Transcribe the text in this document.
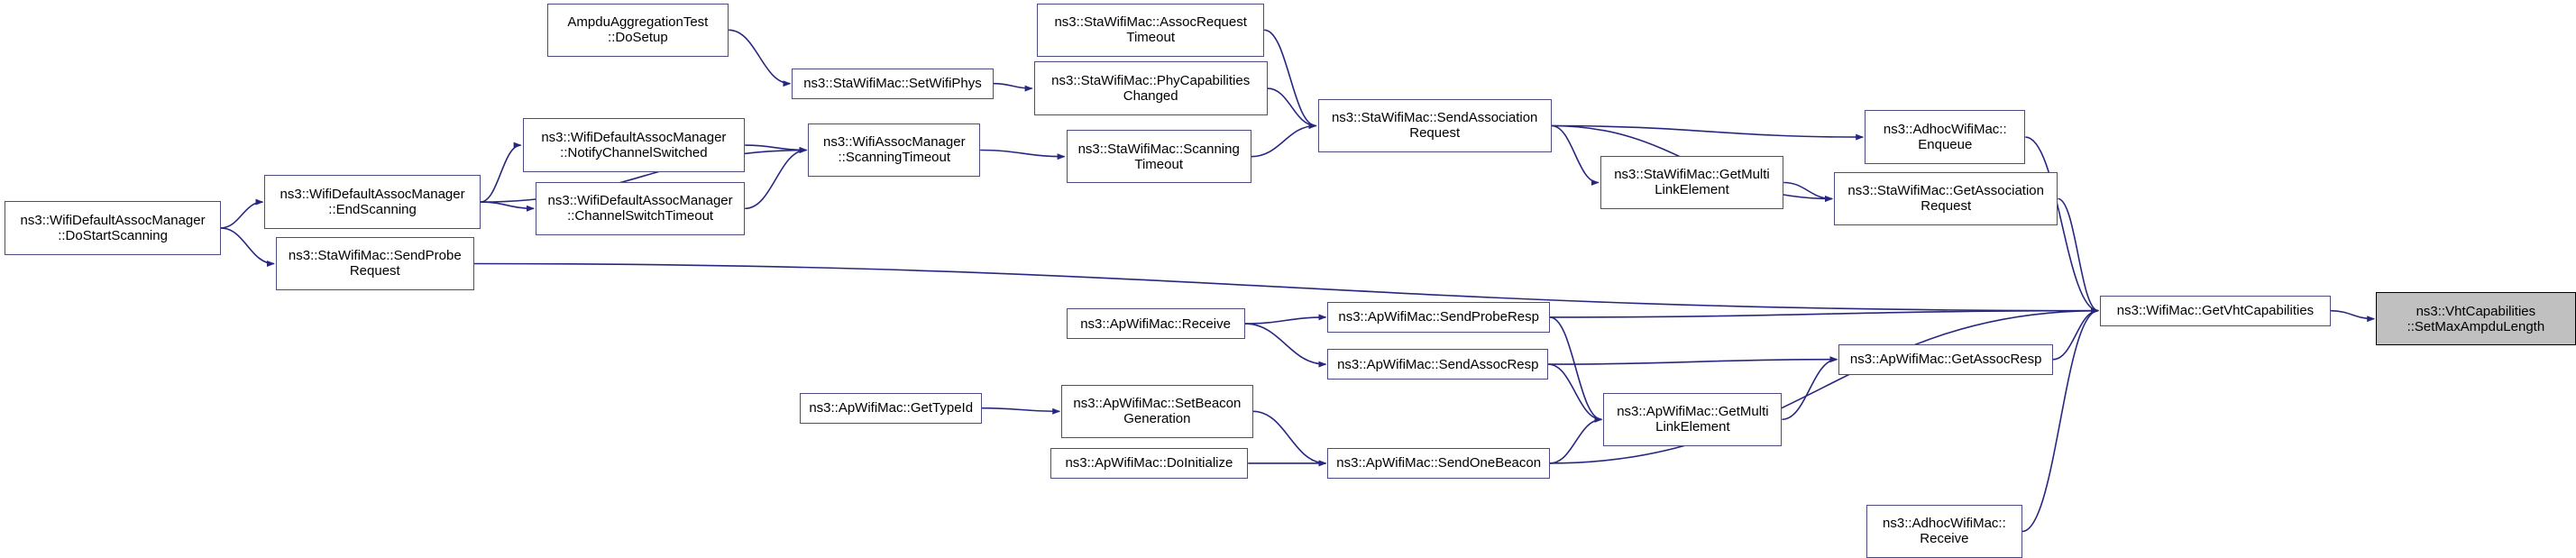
ns3::WifiDefaultAssocManager
::DoStartScanning
AmpduAggregationTest
::DoSetup
ns3::WifiDefaultAssocManager
::EndScanning
ns3::StaWifiMac::SendProbe
Request
ns3::WifiDefaultAssocManager
::NotifyChannelSwitched
ns3::WifiDefaultAssocManager
::ChannelSwitchTimeout
ns3::StaWifiMac::SetWifiPhys
ns3::WifiAssocManager
::ScanningTimeout
ns3::StaWifiMac::PhyCapabilities
Changed
ns3::StaWifiMac::Scanning
Timeout
ns3::StaWifiMac::AssocRequest
Timeout
ns3::StaWifiMac::SendAssociation
Request
ns3::StaWifiMac::GetMulti
LinkElement
ns3::AdhocWifiMac::
Enqueue
ns3::StaWifiMac::GetAssociation
Request
ns3::ApWifiMac::Receive	ns3::ApWifiMac::SendProbeResp
ns3::ApWifiMac::SendAssocResp
ns3::ApWifiMac::GetTypeId	ns3::ApWifiMac::SetBeacon
Generation
ns3::ApWifiMac::DoInitialize	ns3::ApWifiMac::SendOneBeacon
ns3::ApWifiMac::GetMulti
LinkElement
ns3::ApWifiMac::GetAssocResp
ns3::WifiMac::GetVhtCapabilities
ns3::AdhocWifiMac::
Receive
ns3::VhtCapabilities
::SetMaxAmpduLength
